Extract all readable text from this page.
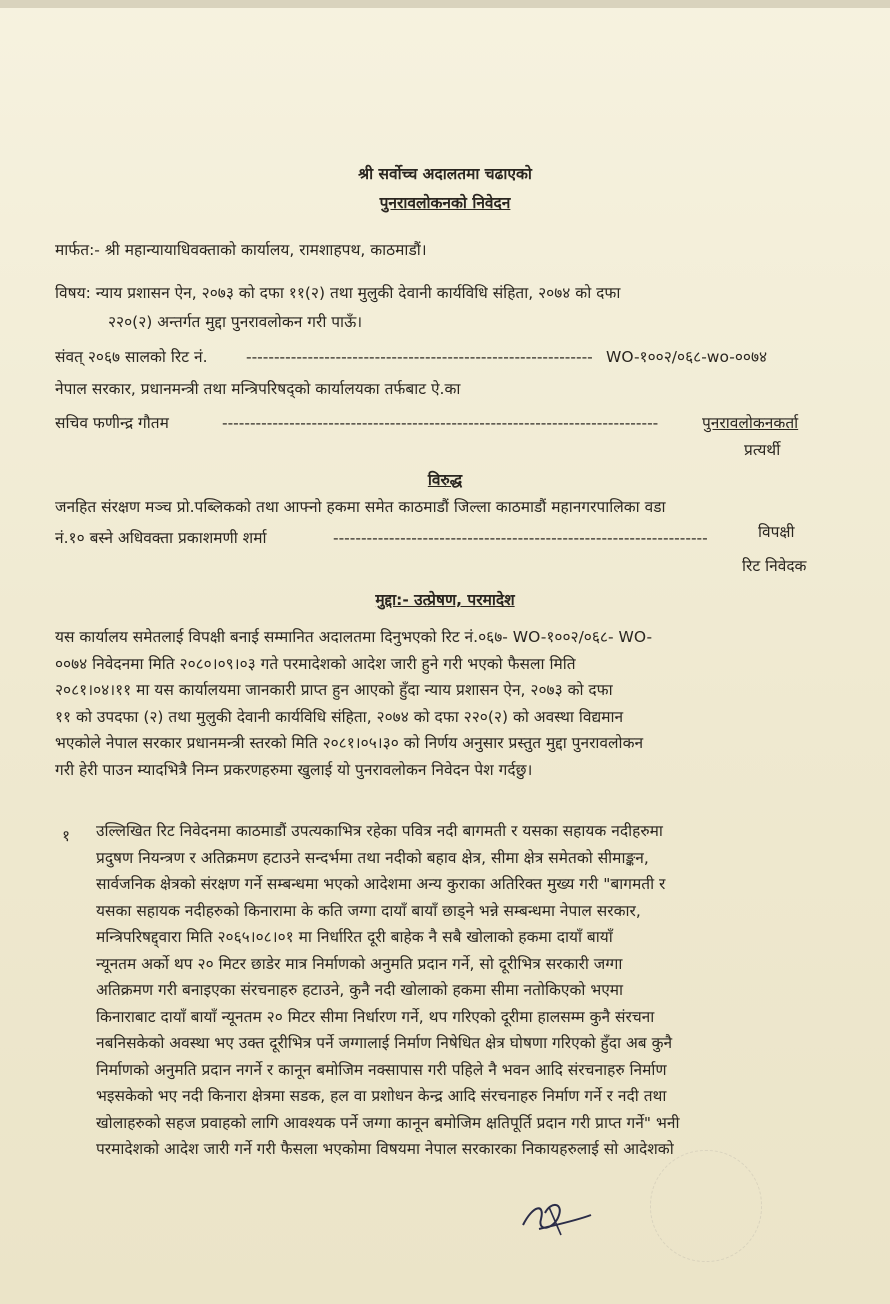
श्री सर्वोच्च अदालतमा चढाएको
पुनरावलोकनको निवेदन
मार्फत:- श्री महान्यायाधिवक्ताको कार्यालय, रामशाहपथ, काठमाडौं।
विषय: न्याय प्रशासन ऐन, २०७३ को दफा ११(२) तथा मुलुकी देवानी कार्यविधि संहिता, २०७४ को दफा
२२०(२) अन्तर्गत मुद्दा पुनरावलोकन गरी पाऊँ।
संवत् २०६७ सालको रिट नं. -------------------------------------------------------------- WO-१००२/०६८-wo-००७४
नेपाल सरकार, प्रधानमन्त्री तथा मन्त्रिपरिषद्को कार्यालयका तर्फबाट ऐ.का
सचिव फणीन्द्र गौतम	------------------------------------------------------------------------------	पुनरावलोकनकर्ता
प्रत्यर्थी
विरुद्ध
जनहित संरक्षण मञ्च प्रो.पब्लिकको तथा आफ्नो हकमा समेत काठमाडौं जिल्ला काठमाडौं महानगरपालिका वडा
नं.१० बस्ने अधिवक्ता प्रकाशमणी शर्मा	-------------------------------------------------------------------	विपक्षी
रिट निवेदक
मुद्दा:- उत्प्रेषण, परमादेश
यस कार्यालय समेतलाई विपक्षी बनाई सम्मानित अदालतमा दिनुभएको रिट नं.०६७- WO-१००२/०६८- WO-
००७४ निवेदनमा मिति २०८०।०९।०३ गते परमादेशको आदेश जारी हुने गरी भएको फैसला मिति
२०८१।०४।११ मा यस कार्यालयमा जानकारी प्राप्त हुन आएको हुँदा न्याय प्रशासन ऐन, २०७३ को दफा
११ को उपदफा (२) तथा मुलुकी देवानी कार्यविधि संहिता, २०७४ को दफा २२०(२) को अवस्था विद्यमान
भएकोले नेपाल सरकार प्रधानमन्त्री स्तरको मिति २०८१।०५।३० को निर्णय अनुसार प्रस्तुत मुद्दा पुनरावलोकन
गरी हेरी पाउन म्यादभित्रै निम्न प्रकरणहरुमा खुलाई यो पुनरावलोकन निवेदन पेश गर्दछु।
१ उल्लिखित रिट निवेदनमा काठमाडौं उपत्यकाभित्र रहेका पवित्र नदी बागमती र यसका सहायक नदीहरुमा
प्रदुषण नियन्त्रण र अतिक्रमण हटाउने सन्दर्भमा तथा नदीको बहाव क्षेत्र, सीमा क्षेत्र समेतको सीमाङ्कन,
सार्वजनिक क्षेत्रको संरक्षण गर्ने सम्बन्धमा भएको आदेशमा अन्य कुराका अतिरिक्त मुख्य गरी "बागमती र
यसका सहायक नदीहरुको किनारामा के कति जग्गा दायाँ बायाँ छाड्ने भन्ने सम्बन्धमा नेपाल सरकार,
मन्त्रिपरिषद्द्वारा मिति २०६५।०८।०१ मा निर्धारित दूरी बाहेक नै सबै खोलाको हकमा दायाँ बायाँ
न्यूनतम अर्को थप २० मिटर छाडेर मात्र निर्माणको अनुमति प्रदान गर्ने, सो दूरीभित्र सरकारी जग्गा
अतिक्रमण गरी बनाइएका संरचनाहरु हटाउने, कुनै नदी खोलाको हकमा सीमा नतोकिएको भएमा
किनाराबाट दायाँ बायाँ न्यूनतम २० मिटर सीमा निर्धारण गर्ने, थप गरिएको दूरीमा हालसम्म कुनै संरचना
नबनिसकेको अवस्था भए उक्त दूरीभित्र पर्ने जग्गालाई निर्माण निषेधित क्षेत्र घोषणा गरिएको हुँदा अब कुनै
निर्माणको अनुमति प्रदान नगर्ने र कानून बमोजिम नक्सापास गरी पहिले नै भवन आदि संरचनाहरु निर्माण
भइसकेको भए नदी किनारा क्षेत्रमा सडक, हल वा प्रशोधन केन्द्र आदि संरचनाहरु निर्माण गर्ने र नदी तथा
खोलाहरुको सहज प्रवाहको लागि आवश्यक पर्ने जग्गा कानून बमोजिम क्षतिपूर्ति प्रदान गरी प्राप्त गर्ने" भनी
परमादेशको आदेश जारी गर्ने गरी फैसला भएकोमा विषयमा नेपाल सरकारका निकायहरुलाई सो आदेशको
